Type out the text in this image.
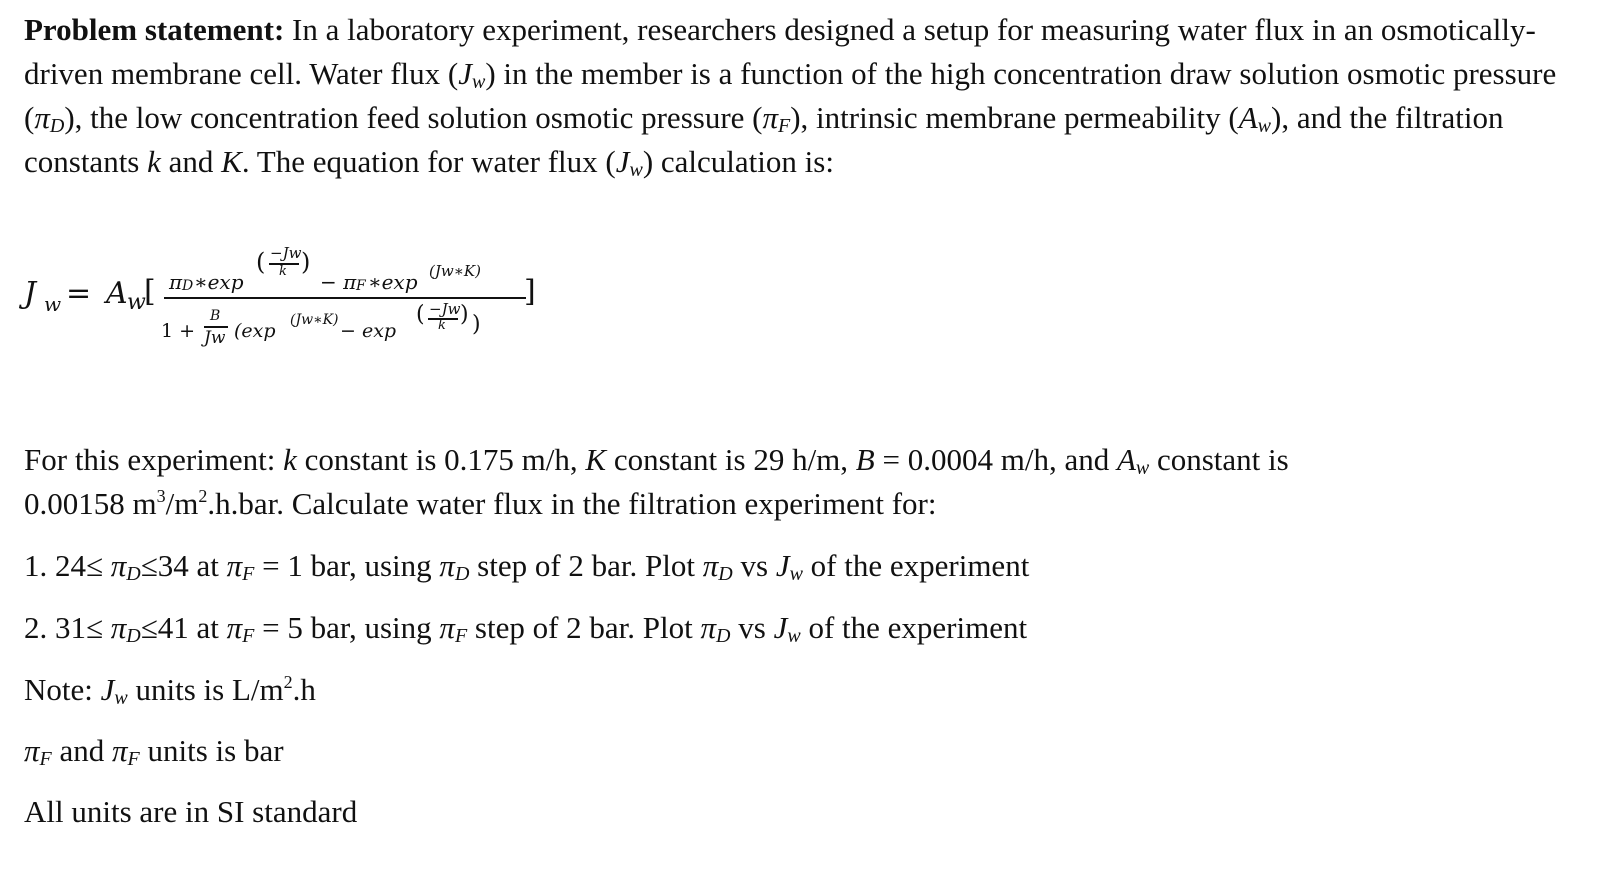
Problem statement: In a laboratory experiment, researchers designed a setup for measuring water flux in an osmotically-driven membrane cell. Water flux $(J_w)$ in the member is a function of the high concentration draw solution osmotic pressure $(\pi_D)$, the low concentration feed solution osmotic pressure $(\pi_F)$, intrinsic membrane permeability $(A_w)$, and the filtration constants k and K. The equation for water flux $(J_w)$ calculation is:

J w = A w
[ π D ∗exp
( −Jw
k )
− π F ∗exp (Jw∗K)
]
1 +
B
Jw (exp (Jw∗K) − exp
( −Jw
k ) )

For this experiment: k constant is 0.175 m/h, K constant is 29 h/m, B = 0.0004 m/h, and $A_w$ constant is

0.00158 $m^3/m^2.h.bar$. Calculate water flux in the filtration experiment for:

1. $24\le \pi_D\le 34$ at $\pi_F = 1$ bar, using $\pi_D$ step of 2 bar. Plot $\pi_D$ vs $J_w$ of the experiment

2. $31\le \pi_D\le 41$ at $\pi_F = 5$ bar, using $\pi_F$ step of 2 bar. Plot $\pi_D$ vs $J_w$ of the experiment

Note: $J_w$ units is $L/m^2.h$

$\pi_F$ and $\pi_F$ units is bar

All units are in SI standard
